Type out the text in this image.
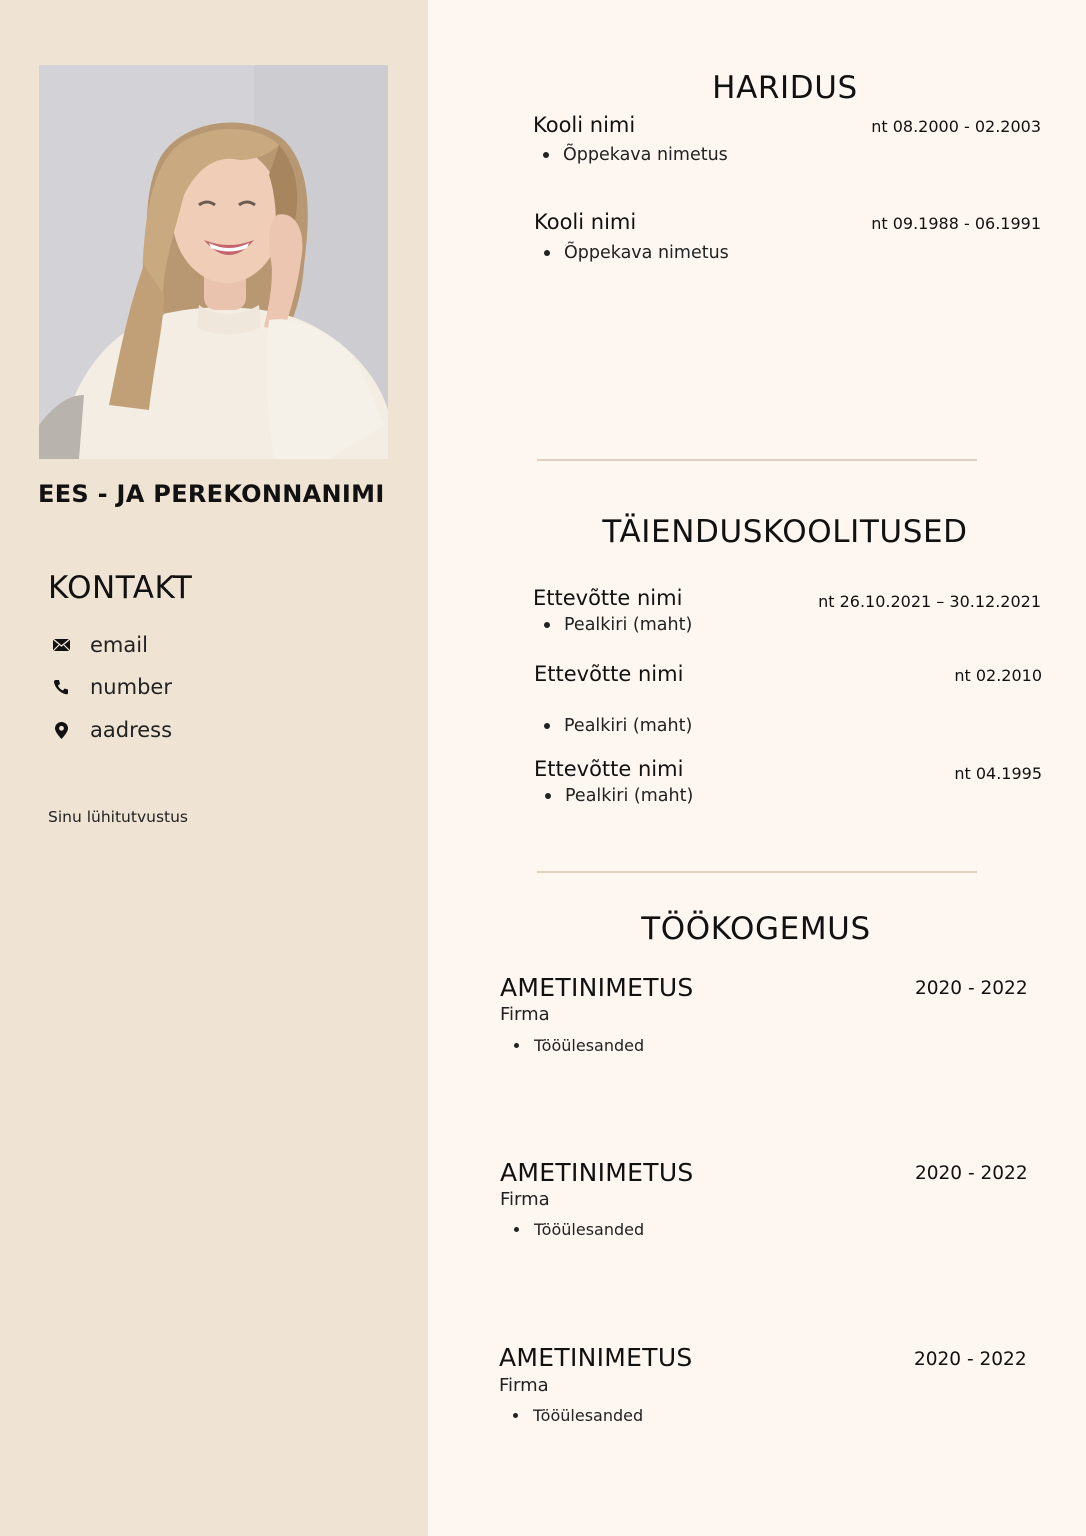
EES - JA PEREKONNANIMI
KONTAKT
email
number
aadress
Sinu lühitutvustus
HARIDUS
Kooli nimi	nt 08.2000 - 02.2003
Õppekava nimetus
Kooli nimi	nt 09.1988 - 06.1991
Õppekava nimetus
TÄIENDUSKOOLITUSED
Ettevõtte nimi	nt 26.10.2021 – 30.12.2021
Pealkiri (maht)
Ettevõtte nimi	nt 02.2010
Pealkiri (maht)
Ettevõtte nimi	nt 04.1995
Pealkiri (maht)
TÖÖKOGEMUS
AMETINIMETUS	2020 - 2022
Firma
Tööülesanded
AMETINIMETUS	2020 - 2022
Firma
Tööülesanded
AMETINIMETUS	2020 - 2022
Firma
Tööülesanded
